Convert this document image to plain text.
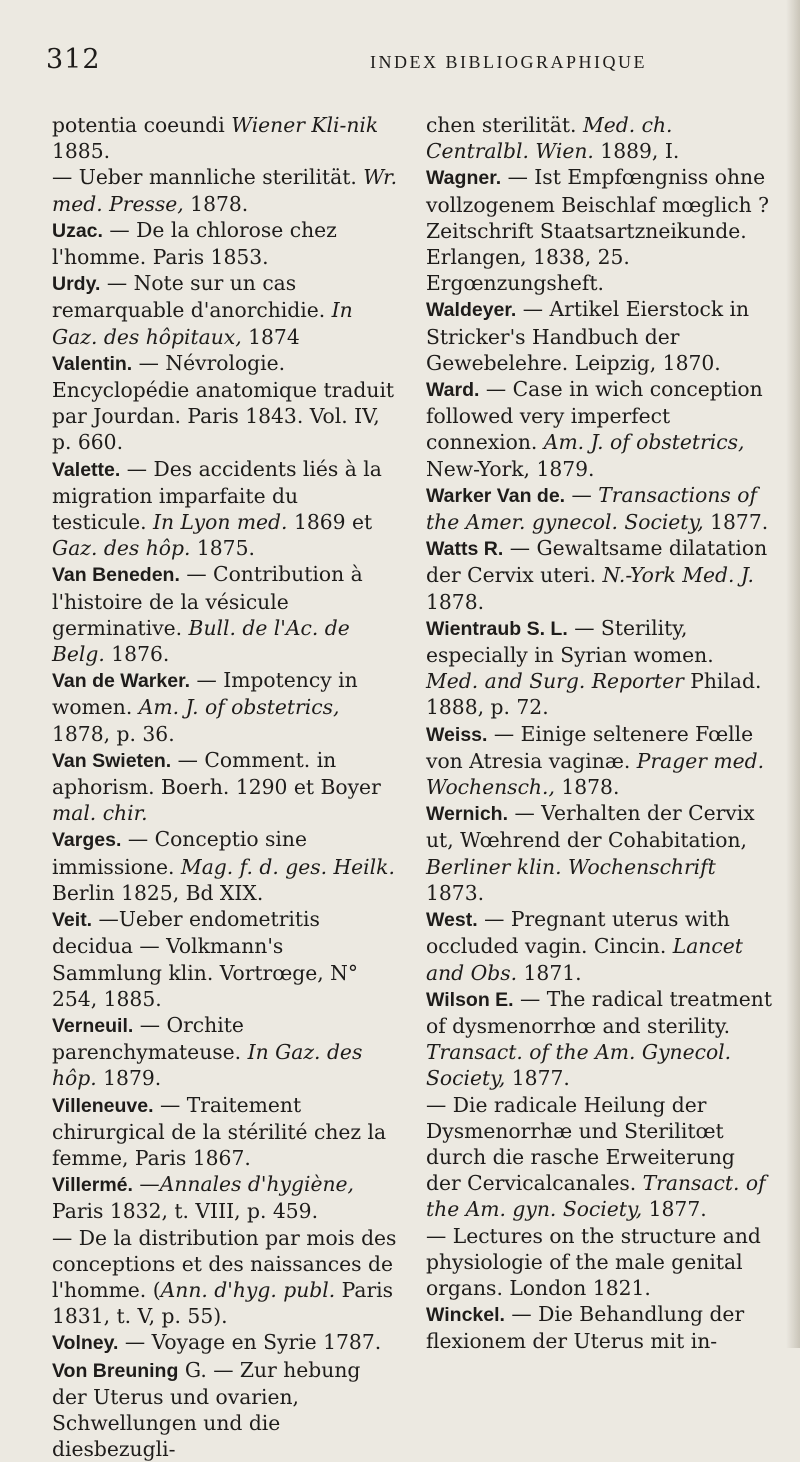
312	INDEX BIBLIOGRAPHIQUE

potentia coeundi Wiener Kli-nik 1885.

— Ueber mannliche sterilität. Wr. med. Presse, 1878.

Uzac. — De la chlorose chez l'homme. Paris 1853.

Urdy. — Note sur un cas remarquable d'anorchidie. In Gaz. des hôpitaux, 1874

Valentin. — Névrologie. Encyclopédie anatomique traduit par Jourdan. Paris 1843. Vol. IV, p. 660.

Valette. — Des accidents liés à la migration imparfaite du testicule. In Lyon med. 1869 et Gaz. des hôp. 1875.

Van Beneden. — Contribution à l'histoire de la vésicule germinative. Bull. de l'Ac. de Belg. 1876.

Van de Warker. — Impotency in women. Am. J. of obstetrics, 1878, p. 36.

Van Swieten. — Comment. in aphorism. Boerh. 1290 et Boyer mal. chir.

Varges. — Conceptio sine immissione. Mag. f. d. ges. Heilk. Berlin 1825, Bd XIX.

Veit. —Ueber endometritis decidua — Volkmann's Sammlung klin. Vortrœge, N° 254, 1885.

Verneuil. — Orchite parenchymateuse. In Gaz. des hôp. 1879.

Villeneuve. — Traitement chirurgical de la stérilité chez la femme, Paris 1867.

Villermé. —Annales d'hygiène, Paris 1832, t. VIII, p. 459.

— De la distribution par mois des conceptions et des naissances de l'homme. (Ann. d'hyg. publ. Paris 1831, t. V, p. 55).

Volney. — Voyage en Syrie 1787.

Von Breuning G. — Zur hebung der Uterus und ovarien, Schwellungen und die diesbezugli-

chen sterilität. Med. ch. Centralbl. Wien. 1889, I.

Wagner. — Ist Empfœngniss ohne vollzogenem Beischlaf mœglich ? Zeitschrift Staatsartzneikunde. Erlangen, 1838, 25. Ergœnzungsheft.

Waldeyer. — Artikel Eierstock in Stricker's Handbuch der Gewebelehre. Leipzig, 1870.

Ward. — Case in wich conception followed very imperfect connexion. Am. J. of obstetrics, New-York, 1879.

Warker Van de. — Transactions of the Amer. gynecol. Society, 1877.

Watts R. — Gewaltsame dilatation der Cervix uteri. N.-York Med. J. 1878.

Wientraub S. L. — Sterility, especially in Syrian women. Med. and Surg. Reporter Philad. 1888, p. 72.

Weiss. — Einige seltenere Fœlle von Atresia vaginæ. Prager med. Wochensch., 1878.

Wernich. — Verhalten der Cervix ut, Wœhrend der Cohabitation, Berliner klin. Wochenschrift 1873.

West. — Pregnant uterus with occluded vagin. Cincin. Lancet and Obs. 1871.

Wilson E. — The radical treatment of dysmenorrhœ and sterility. Transact. of the Am. Gynecol. Society, 1877.

— Die radicale Heilung der Dysmenorrhæ und Sterilitœt durch die rasche Erweiterung der Cervicalcanales. Transact. of the Am. gyn. Society, 1877.

— Lectures on the structure and physiologie of the male genital organs. London 1821.

Winckel. — Die Behandlung der flexionem der Uterus mit in-
